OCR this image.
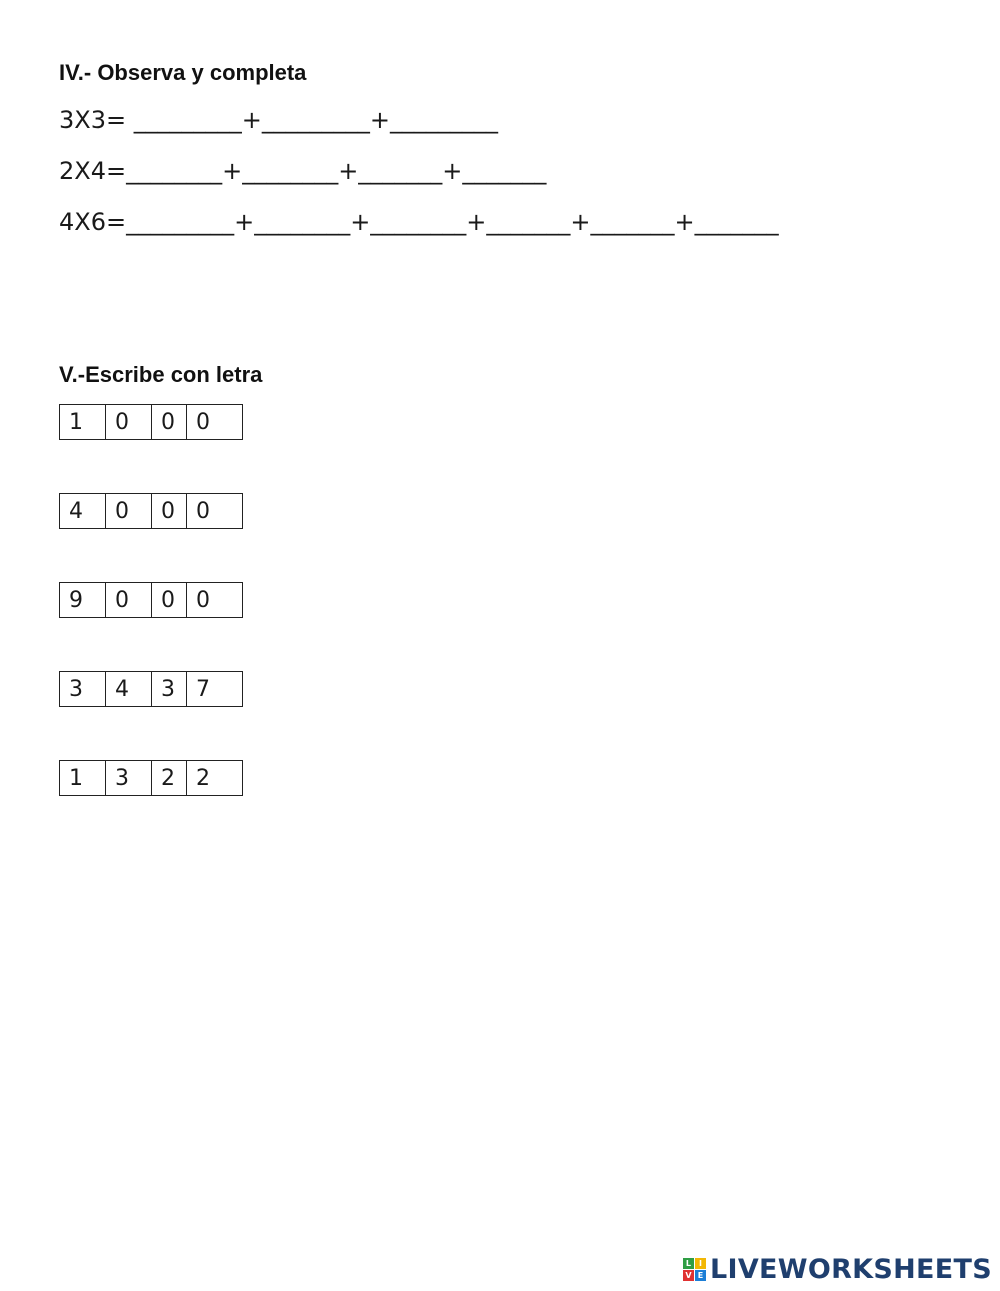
IV.- Observa y completa
3X3= _________+_________+_________
2X4=________+________+_______+_______
4X6=_________+________+________+_______+_______+_______
V.-Escribe con letra
1	0	0	0
4	0	0	0
9	0	0	0
3	4	3	7
1	3	2	2
L I
V E LIVEWORKSHEETS
